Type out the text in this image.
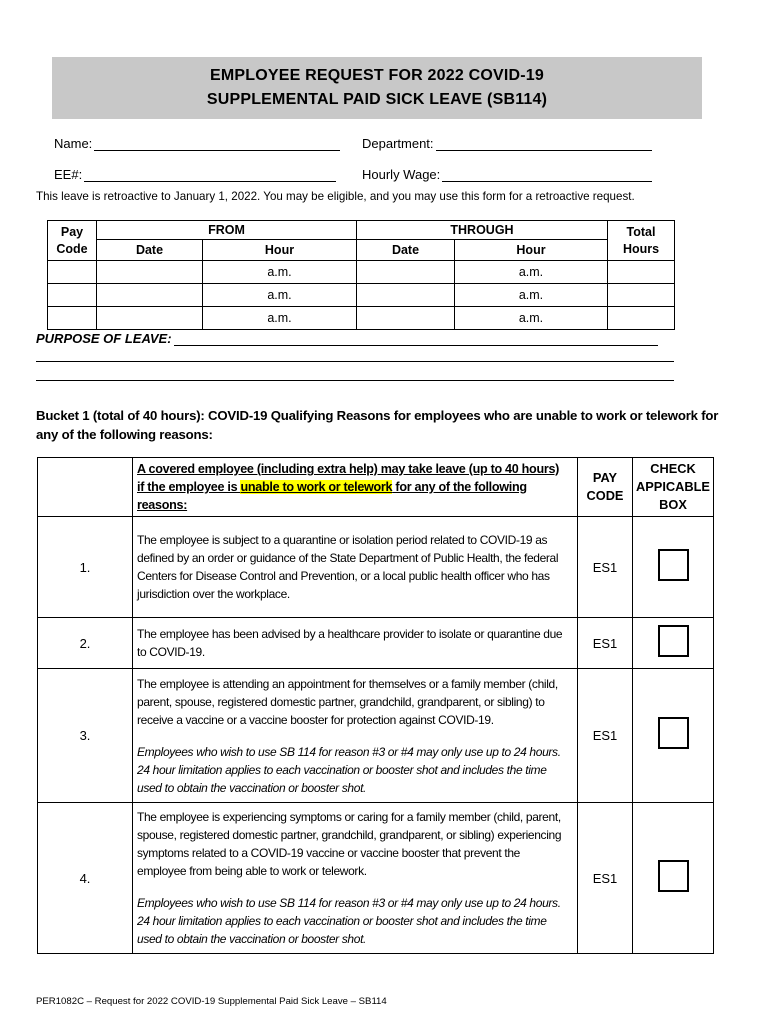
EMPLOYEE REQUEST FOR 2022 COVID-19
SUPPLEMENTAL PAID SICK LEAVE (SB114)
Name:	Department:
EE#:	Hourly Wage:
This leave is retroactive to January 1, 2022. You may be eligible, and you may use this form for a retroactive request.
Pay Code	FROM		THROUGH		Total Hours
	Date	Hour	Date	Hour	
		a.m.		a.m.	
		a.m.		a.m.	
		a.m.		a.m.	
PURPOSE OF LEAVE:
Bucket 1 (total of 40 hours): COVID-19 Qualifying Reasons for employees who are unable to work or telework for any of the following reasons:
	A covered employee (including extra help) may take leave (up to 40 hours) if the employee is unable to work or telework for any of the following reasons:	PAY CODE	CHECK APPICABLE BOX
1.	The employee is subject to a quarantine or isolation period related to COVID-19 as defined by an order or guidance of the State Department of Public Health, the federal Centers for Disease Control and Prevention, or a local public health officer who has jurisdiction over the workplace.	ES1	
2.	The employee has been advised by a healthcare provider to isolate or quarantine due to COVID-19.	ES1	
3.	The employee is attending an appointment for themselves or a family member (child, parent, spouse, registered domestic partner, grandchild, grandparent, or sibling) to receive a vaccine or a vaccine booster for protection against COVID-19.

Employees who wish to use SB 114 for reason #3 or #4 may only use up to 24 hours. 24 hour limitation applies to each vaccination or booster shot and includes the time used to obtain the vaccination or booster shot.	ES1	
4.	The employee is experiencing symptoms or caring for a family member (child, parent, spouse, registered domestic partner, grandchild, grandparent, or sibling) experiencing symptoms related to a COVID-19 vaccine or vaccine booster that prevent the employee from being able to work or telework.

Employees who wish to use SB 114 for reason #3 or #4 may only use up to 24 hours. 24 hour limitation applies to each vaccination or booster shot and includes the time used to obtain the vaccination or booster shot.	ES1	
PER1082C – Request for 2022 COVID-19 Supplemental Paid Sick Leave – SB114
